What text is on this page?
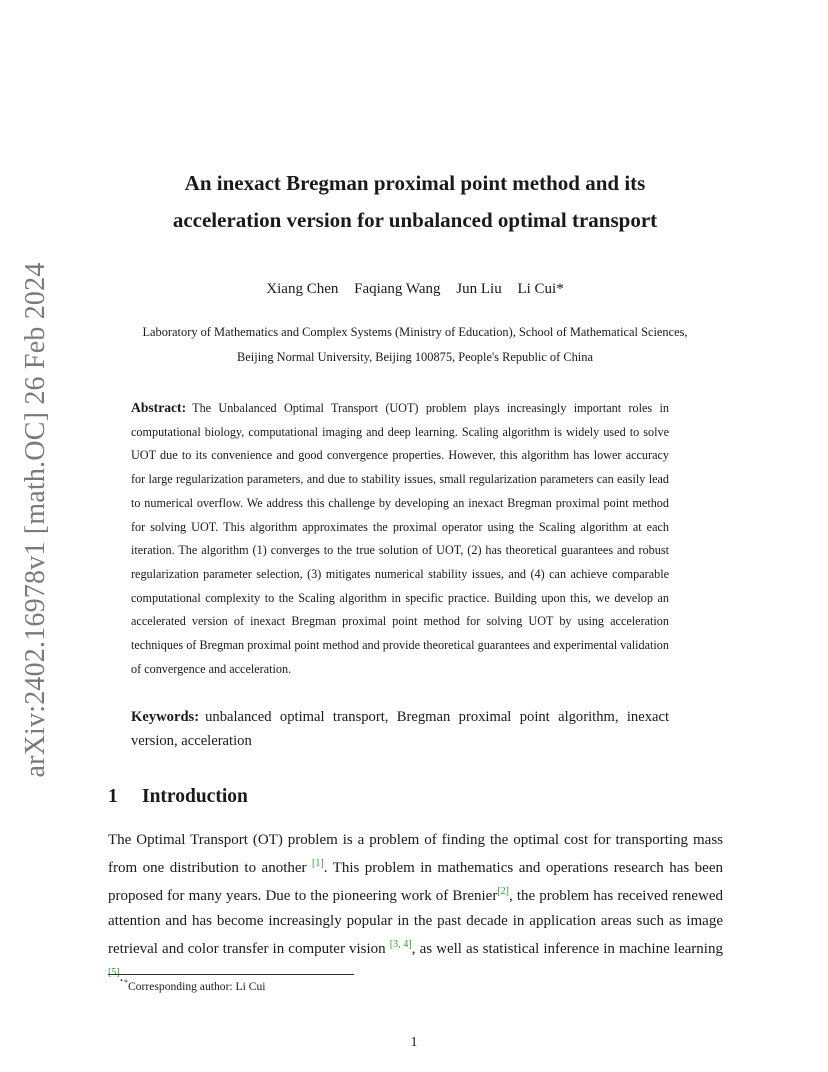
arXiv:2402.16978v1 [math.OC] 26 Feb 2024
An inexact Bregman proximal point method and its
acceleration version for unbalanced optimal transport
Xiang Chen Faqiang Wang Jun Liu Li Cui*
Laboratory of Mathematics and Complex Systems (Ministry of Education), School of Mathematical Sciences,
Beijing Normal University, Beijing 100875, People's Republic of China
Abstract: The Unbalanced Optimal Transport (UOT) problem plays increasingly important roles in computational biology, computational imaging and deep learning. Scaling algorithm is widely used to solve UOT due to its convenience and good convergence properties. However, this algorithm has lower accuracy for large regularization parameters, and due to stability issues, small regularization parameters can easily lead to numerical overflow. We address this challenge by developing an inexact Bregman proximal point method for solving UOT. This algorithm approximates the proximal operator using the Scaling algorithm at each iteration. The algorithm (1) converges to the true solution of UOT, (2) has theoretical guarantees and robust regularization parameter selection, (3) mitigates numerical stability issues, and (4) can achieve comparable computational complexity to the Scaling algorithm in specific practice. Building upon this, we develop an accelerated version of inexact Bregman proximal point method for solving UOT by using acceleration techniques of Bregman proximal point method and provide theoretical guarantees and experimental validation of convergence and acceleration.
Keywords: unbalanced optimal transport, Bregman proximal point algorithm, inexact version, acceleration
1 Introduction
The Optimal Transport (OT) problem is a problem of finding the optimal cost for transporting mass from one distribution to another [1]. This problem in mathematics and operations research has been proposed for many years. Due to the pioneering work of Brenier[2], the problem has received renewed attention and has become increasingly popular in the past decade in application areas such as image retrieval and color transfer in computer vision [3, 4], as well as statistical inference in machine learning [5]. *Corresponding author: Li Cui
1
